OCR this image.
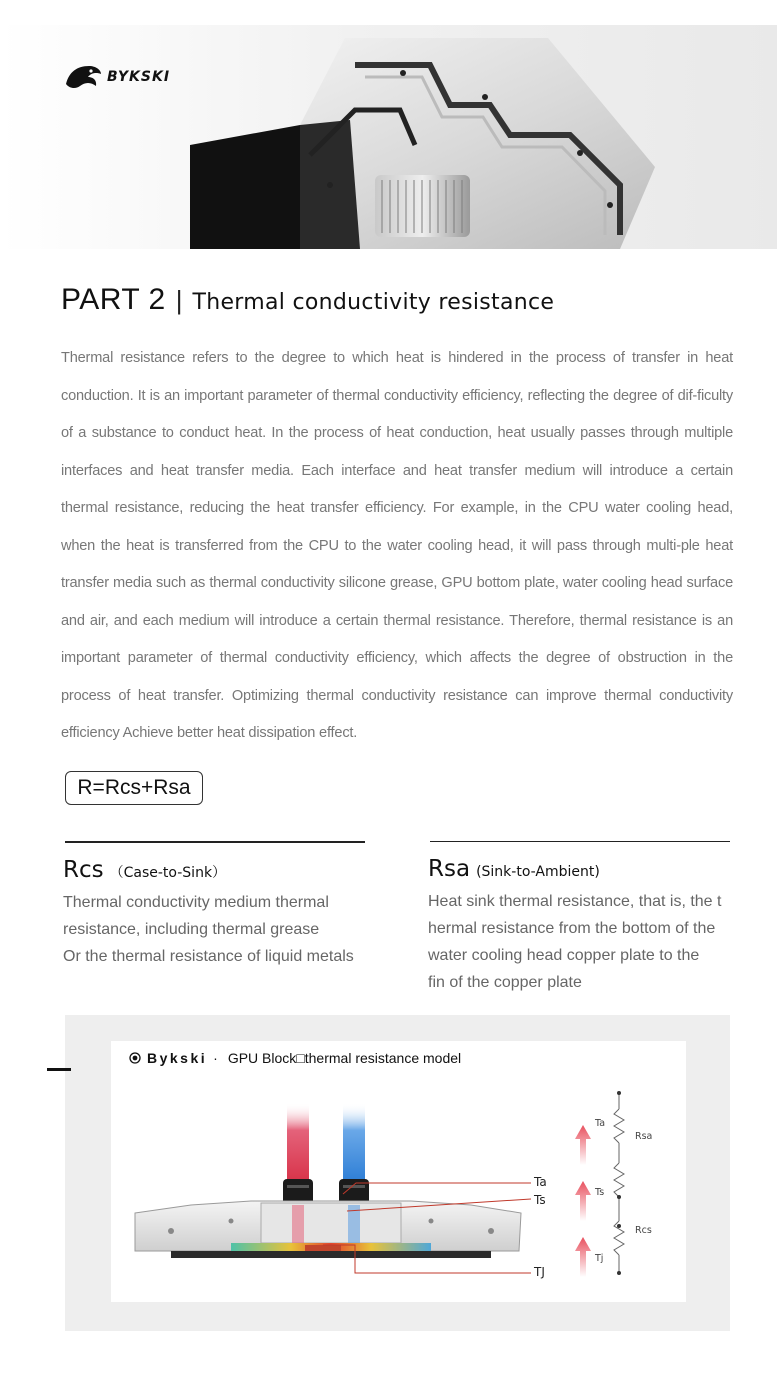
BYKSKI
PART 2 | Thermal conductivity resistance

Thermal resistance refers to the degree to which heat is hindered in the process of transfer in heat conduction. It is an important parameter of thermal conductivity efficiency, reflecting the degree of dif-ficulty of a substance to conduct heat. In the process of heat conduction, heat usually passes through multiple interfaces and heat transfer media. Each interface and heat transfer medium will introduce a certain thermal resistance, reducing the heat transfer efficiency. For example, in the CPU water cooling head, when the heat is transferred from the CPU to the water cooling head, it will pass through multi-ple heat transfer media such as thermal conductivity silicone grease, GPU bottom plate, water cooling head surface and air, and each medium will introduce a certain thermal resistance. Therefore, thermal resistance is an important parameter of thermal conductivity efficiency, which affects the degree of obstruction in the process of heat transfer. Optimizing thermal conductivity resistance can improve thermal conductivity efficiency Achieve better heat dissipation effect.

R=Rcs+Rsa
Rcs （Case-to-Sink）
Thermal conductivity medium thermal
resistance, including thermal grease
Or the thermal resistance of liquid metals
Rsa (Sink-to-Ambient)
Heat sink thermal resistance, that is, the t
hermal resistance from the bottom of the
water cooling head copper plate to the
fin of the copper plate
Bykski · GPU Block□thermal resistance model
Ta
Ts
TJ
Ta
Rsa
Ts
Rcs
Tj
